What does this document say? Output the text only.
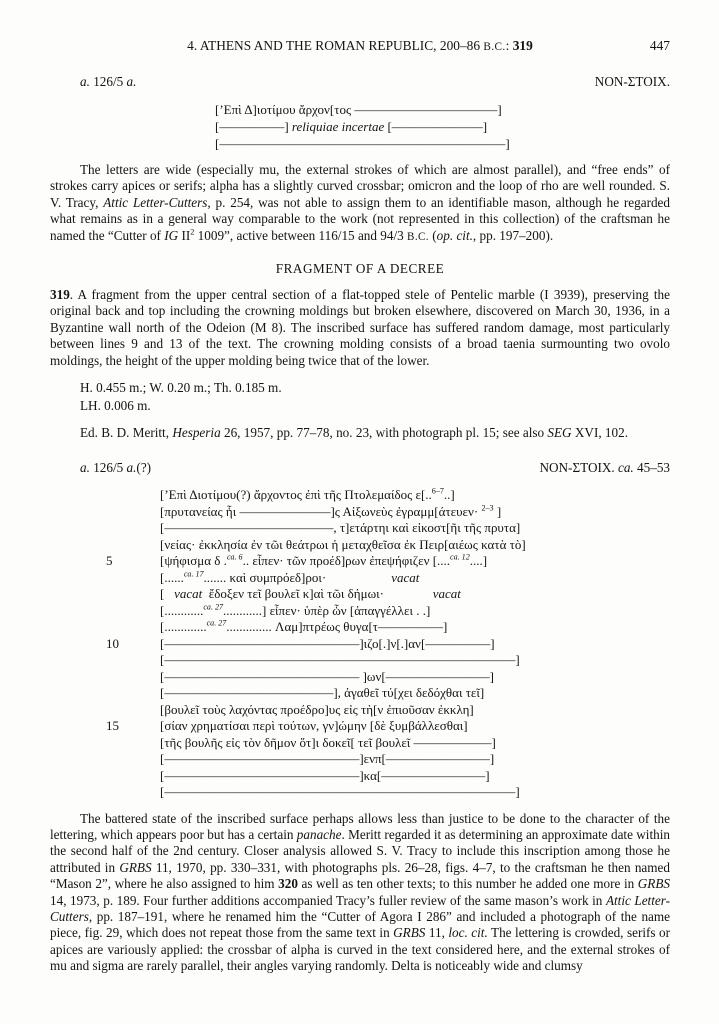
4. ATHENS AND THE ROMAN REPUBLIC, 200–86 B.C.: 319	447
a. 126/5 a.	ΝΟΝ-ΣΤΟΙΧ.
[’Επὶ Δ]ιοτίμου ἄρχον[τος ———————————]
[—————] reliquiae incertae [———————]
[——————————————————————]

The letters are wide (especially mu, the external strokes of which are almost parallel), and “free ends” of strokes carry apices or serifs; alpha has a slightly curved crossbar; omicron and the loop of rho are well rounded. S. V. Tracy, Attic Letter-Cutters, p. 254, was not able to assign them to an identifiable mason, although he regarded what remains as in a general way comparable to the work (not represented in this collection) of the craftsman he named the “Cutter of IG $II^2$ 1009”, active between 116/15 and 94/3 B.C. (op. cit., pp. 197–200).

FRAGMENT OF A DECREE

319. A fragment from the upper central section of a flat-topped stele of Pentelic marble (I 3939), preserving the original back and top including the crowning moldings but broken elsewhere, discovered on March 30, 1936, in a Byzantine wall north of the Odeion (M 8). The inscribed surface has suffered random damage, most particularly between lines 9 and 13 of the text. The crowning molding consists of a broad taenia surmounting two ovolo moldings, the height of the upper molding being twice that of the lower.

H. 0.455 m.; W. 0.20 m.; Th. 0.185 m.

LH. 0.006 m.

Ed. B. D. Meritt, Hesperia 26, 1957, pp. 77–78, no. 23, with photograph pl. 15; see also SEG XVI, 102.

a. 126/5 a.(?)	ΝΟΝ-ΣΤΟΙΧ. ca. 45–53
[’Επὶ Διοτίμου(?) ἄρχοντος ἐπὶ τῆς Πτολεμαίδος ε[..$^{6-7}$..]
[πρυτανείας ἧι ———————]ς Αἰξωνεὺς ἐγραμμ[άτευεν· $^{2-3}$ ]
[—————————————, τ]ετάρτηι καὶ εἰκοστ[ῆι τῆς πρυτα]
[νείας· ἐκκλησία ἐν τῶι θεάτρωι ἡ μεταχθεῖσα ἐκ Πειρ[αιέως κατὰ τὸ]
5	[ψήφισμα δ .$^{ca. 6}$.. εἶπεν· τῶν προέδ]ρων ἐπεψήφιζεν [....$^{ca. 12}$....]
[......$^{ca. 17}$....... καὶ συμπρόεδ]ροι·	vacat
[   vacat  ἔδοξεν τεῖ βουλεῖ κ]αὶ τῶι δήμωι·	vacat
[............$^{ca. 27}$............] εἶπεν· ὑπὲρ ὧν [ἀπαγγέλλει . .]
[.............$^{ca. 27}$.............. Λαμ]πτρέως θυγα[τ—————]
10	[———————————————]ιζο[.]ν[.]αν[—————]
[———————————————————————————]
[——————————————— ]ων[————————]
[—————————————], ἀγαθεῖ τύ[χει δεδόχθαι τεῖ]
[βουλεῖ τοὺς λαχόντας προέδρο]υς εἰς τὴ[ν ἐπιοῦσαν ἐκκλη]
15	[σίαν χρηματίσαι περὶ τούτων, γν]ώμην [δὲ ξυμβάλλεσθαι]
[τῆς βουλῆς εἰς τὸν δῆμον ὅτ]ι δοκεῖ[ τεῖ βουλεῖ ——————]
[———————————————]ενπ[————————]
[———————————————]κα[————————]
[———————————————————————————]

The battered state of the inscribed surface perhaps allows less than justice to be done to the character of the lettering, which appears poor but has a certain panache. Meritt regarded it as determining an approximate date within the second half of the 2nd century. Closer analysis allowed S. V. Tracy to include this inscription among those he attributed in GRBS 11, 1970, pp. 330–331, with photographs pls. 26–28, figs. 4–7, to the craftsman he then named “Mason 2”, where he also assigned to him 320 as well as ten other texts; to this number he added one more in GRBS 14, 1973, p. 189. Four further additions accompanied Tracy’s fuller review of the same mason’s work in Attic Letter-Cutters, pp. 187–191, where he renamed him the “Cutter of Agora I 286” and included a photograph of the name piece, fig. 29, which does not repeat those from the same text in GRBS 11, loc. cit. The lettering is crowded, serifs or apices are variously applied: the crossbar of alpha is curved in the text considered here, and the external strokes of mu and sigma are rarely parallel, their angles varying randomly. Delta is noticeably wide and clumsy
